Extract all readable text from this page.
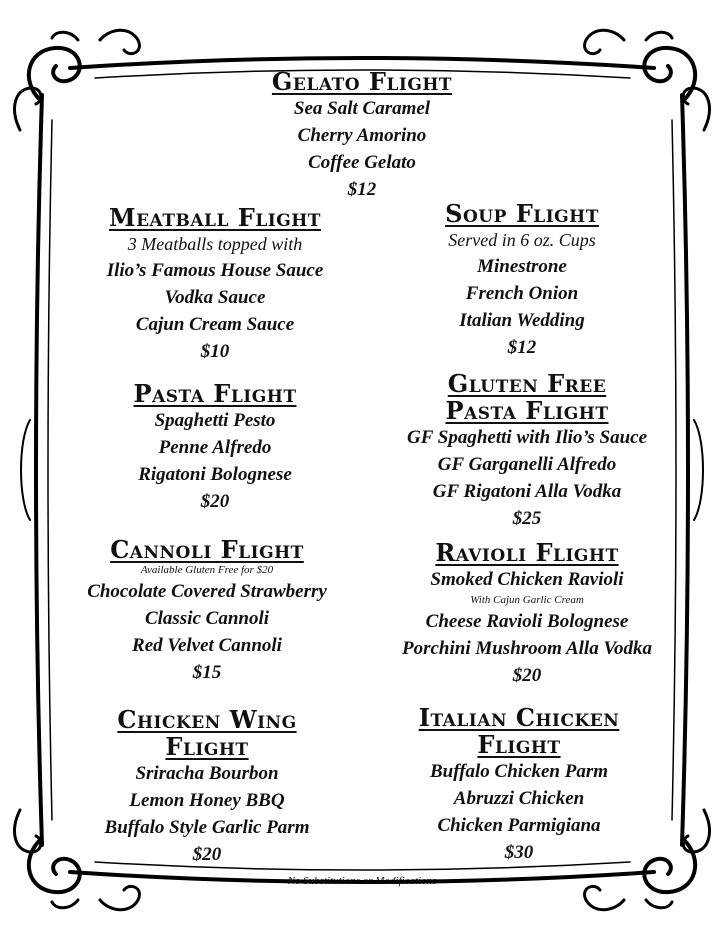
Gelato Flight
Sea Salt Caramel
Cherry Amorino
Coffee Gelato
$12
Meatball Flight
3 Meatballs topped with
Ilio’s Famous House Sauce
Vodka Sauce
Cajun Cream Sauce
$10
Soup Flight
Served in 6 oz. Cups
Minestrone
French Onion
Italian Wedding
$12
Pasta Flight
Spaghetti Pesto
Penne Alfredo
Rigatoni Bolognese
$20
Gluten Free
Pasta Flight
GF Spaghetti with Ilio’s Sauce
GF Garganelli Alfredo
GF Rigatoni Alla Vodka
$25
Cannoli Flight
Available Gluten Free for $20
Chocolate Covered Strawberry
Classic Cannoli
Red Velvet Cannoli
$15
Ravioli Flight
Smoked Chicken Ravioli
With Cajun Garlic Cream
Cheese Ravioli Bolognese
Porchini Mushroom Alla Vodka
$20
Chicken Wing
Flight
Sriracha Bourbon
Lemon Honey BBQ
Buffalo Style Garlic Parm
$20
Italian Chicken
Flight
Buffalo Chicken Parm
Abruzzi Chicken
Chicken Parmigiana
$30
No Substitutions or Modifications
